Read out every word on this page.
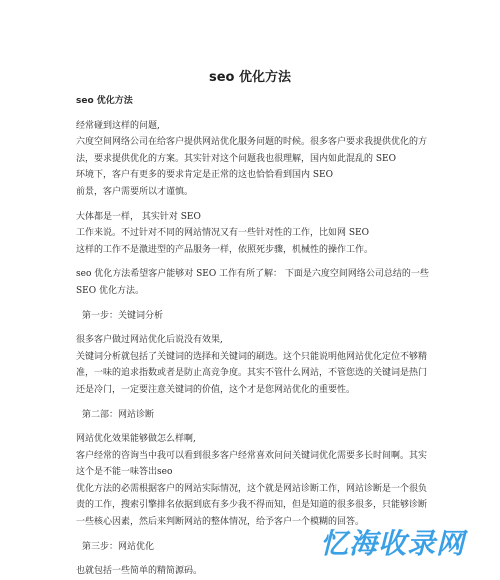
seo 优化方法
seo 优化方法
经常碰到这样的问题,
六度空间网络公司在给客户提供网站优化服务问题的时候。很多客户要求我提供优化的方
法，要求提供优化的方案。其实针对这个问题我也很理解，国内如此混乱的 SEO
环境下，客户有更多的要求肯定是正常的这也恰恰看到国内 SEO
前景，客户需要所以才谨慎。
大体都是一样， 其实针对 SEO
工作来说。不过针对不同的网站情况又有一些针对性的工作，比如网 SEO
这样的工作不是激进型的产品服务一样，依照死步骤，机械性的操作工作。
seo 优化方法希望客户能够对 SEO 工作有所了解： 下面是六度空间网络公司总结的一些
SEO 优化方法。
第一步：关键词分析
很多客户做过网站优化后说没有效果,
关键词分析就包括了关键词的选择和关键词的刷选。这个只能说明他网站优化定位不够精
准，一味的追求指数或者是防止高竞争度。其实不管什么网站，不管您选的关键词是热门
还是冷门，一定要注意关键词的价值，这个才是您网站优化的重要性。
第二部：网站诊断
网站优化效果能够做怎么样啊,
客户经常的咨询当中我可以看到很多客户经常喜欢问问关键词优化需要多长时间啊。其实
这个是不能一味答出seo
优化方法的必需根据客户的网站实际情况，这个就是网站诊断工作，网站诊断是一个很负
责的工作，搜索引擎排名依据到底有多少我不得而知，但是知道的很多很多，只能够诊断
一些核心因素，然后来判断网站的整体情况，给予客户一个模糊的回答。
第三步：网站优化
也就包括一些简单的精简源码。
忆海收录网
